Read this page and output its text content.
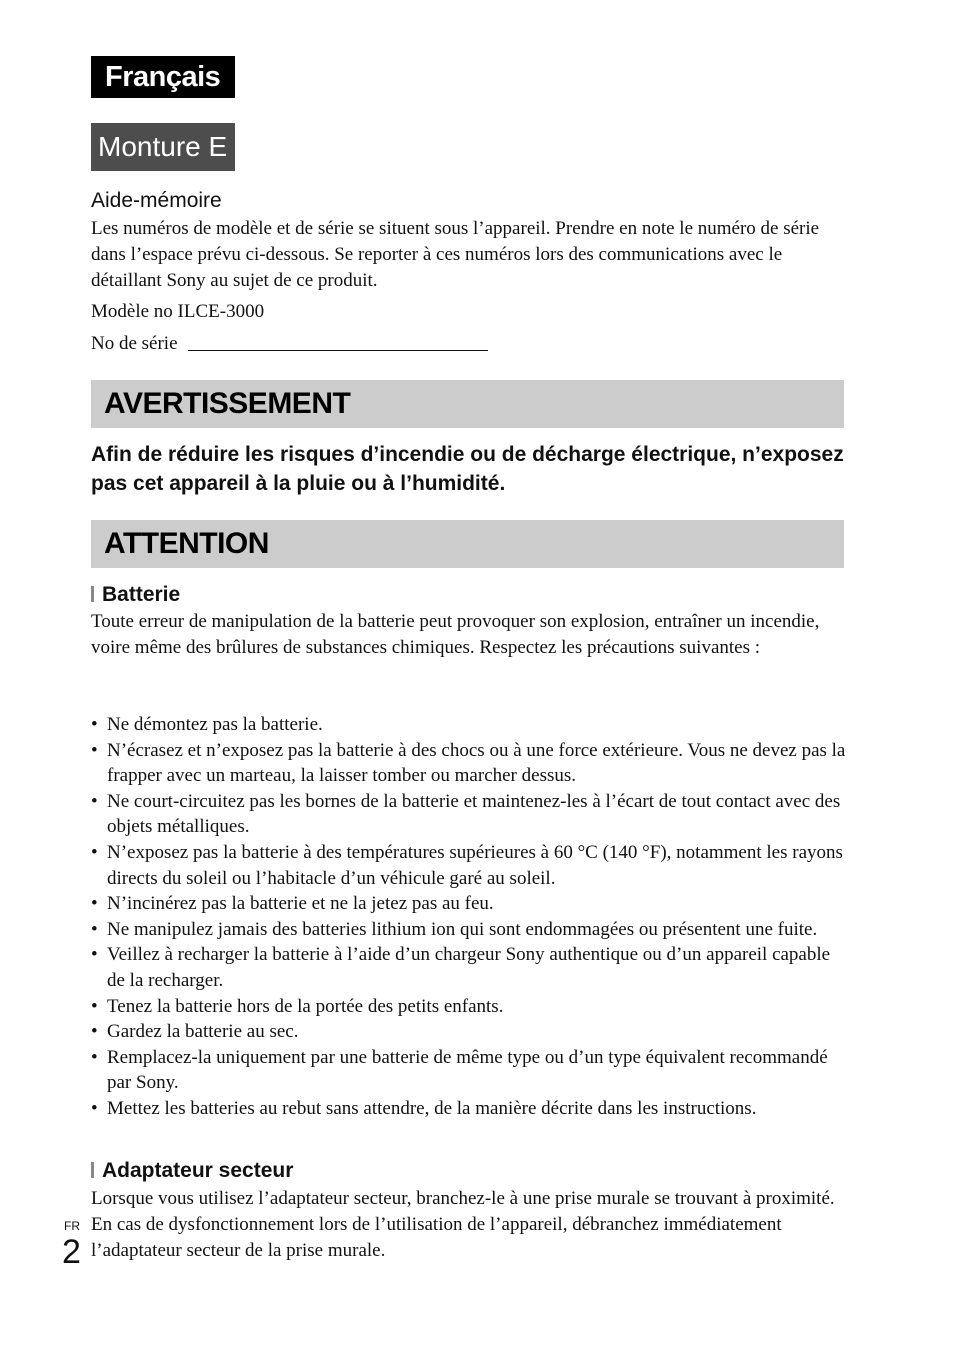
Français
Monture E
Aide-mémoire
Les numéros de modèle et de série se situent sous l’appareil. Prendre en note le numéro de série dans l’espace prévu ci-dessous. Se reporter à ces numéros lors des communications avec le détaillant Sony au sujet de ce produit.
Modèle no ILCE-3000
No de série
AVERTISSEMENT
Afin de réduire les risques d’incendie ou de décharge électrique, n’exposez pas cet appareil à la pluie ou à l’humidité.
ATTENTION
Batterie
Toute erreur de manipulation de la batterie peut provoquer son explosion, entraîner un incendie, voire même des brûlures de substances chimiques. Respectez les précautions suivantes :
• Ne démontez pas la batterie.
• N’écrasez et n’exposez pas la batterie à des chocs ou à une force extérieure. Vous ne devez pas la frapper avec un marteau, la laisser tomber ou marcher dessus.
• Ne court-circuitez pas les bornes de la batterie et maintenez-les à l’écart de tout contact avec des objets métalliques.
• N’exposez pas la batterie à des températures supérieures à 60 °C (140 °F), notamment les rayons directs du soleil ou l’habitacle d’un véhicule garé au soleil.
• N’incinérez pas la batterie et ne la jetez pas au feu.
• Ne manipulez jamais des batteries lithium ion qui sont endommagées ou présentent une fuite.
• Veillez à recharger la batterie à l’aide d’un chargeur Sony authentique ou d’un appareil capable de la recharger.
• Tenez la batterie hors de la portée des petits enfants.
• Gardez la batterie au sec.
• Remplacez-la uniquement par une batterie de même type ou d’un type équivalent recommandé par Sony.
• Mettez les batteries au rebut sans attendre, de la manière décrite dans les instructions.
Adaptateur secteur
Lorsque vous utilisez l’adaptateur secteur, branchez-le à une prise murale se trouvant à proximité. En cas de dysfonctionnement lors de l’utilisation de l’appareil, débranchez immédiatement l’adaptateur secteur de la prise murale.
FR
2
